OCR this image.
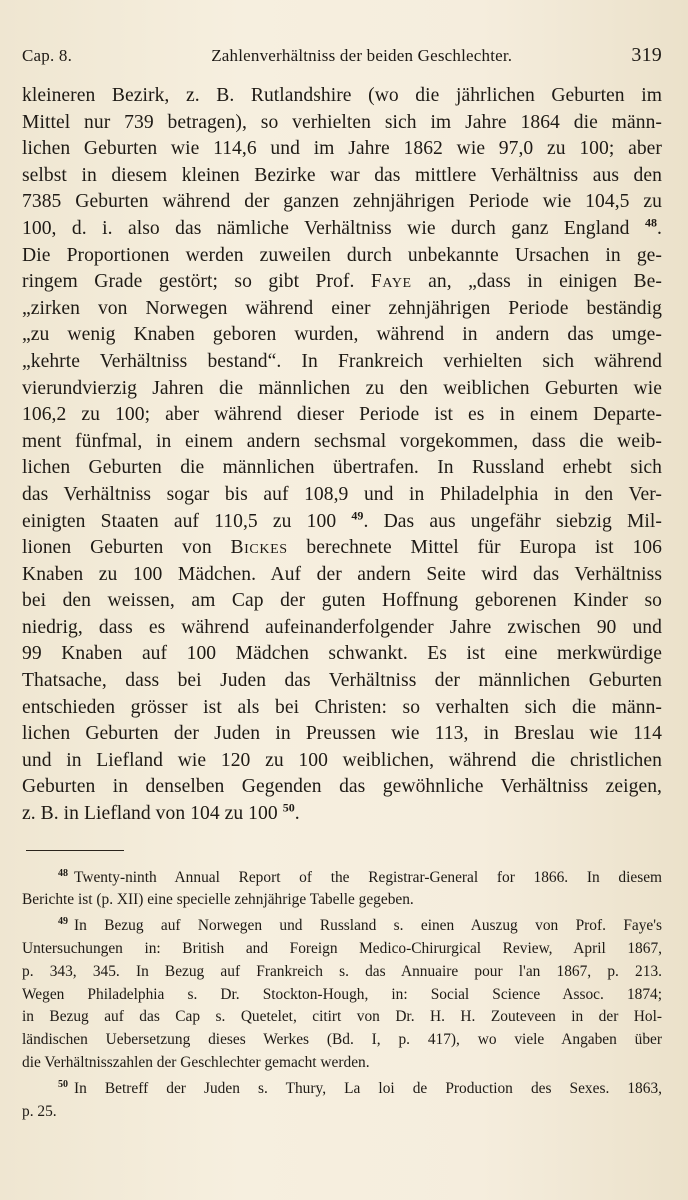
Cap. 8.	Zahlenverhältniss der beiden Geschlechter.	319
kleineren Bezirk, z. B. Rutlandshire (wo die jährlichen Geburten im
Mittel nur 739 betragen), so verhielten sich im Jahre 1864 die männ-
lichen Geburten wie 114,6 und im Jahre 1862 wie 97,0 zu 100; aber
selbst in diesem kleinen Bezirke war das mittlere Verhältniss aus den
7385 Geburten während der ganzen zehnjährigen Periode wie 104,5 zu
100, d. i. also das nämliche Verhältniss wie durch ganz England $^{48}$.
Die Proportionen werden zuweilen durch unbekannte Ursachen in ge-
ringem Grade gestört; so gibt Prof. Faye an, „dass in einigen Be-
„zirken von Norwegen während einer zehnjährigen Periode beständig
„zu wenig Knaben geboren wurden, während in andern das umge-
„kehrte Verhältniss bestand“. In Frankreich verhielten sich während
vierundvierzig Jahren die männlichen zu den weiblichen Geburten wie
106,2 zu 100; aber während dieser Periode ist es in einem Departe-
ment fünfmal, in einem andern sechsmal vorgekommen, dass die weib-
lichen Geburten die männlichen übertrafen. In Russland erhebt sich
das Verhältniss sogar bis auf 108,9 und in Philadelphia in den Ver-
einigten Staaten auf 110,5 zu 100 $^{49}$. Das aus ungefähr siebzig Mil-
lionen Geburten von Bickes berechnete Mittel für Europa ist 106
Knaben zu 100 Mädchen. Auf der andern Seite wird das Verhältniss
bei den weissen, am Cap der guten Hoffnung geborenen Kinder so
niedrig, dass es während aufeinanderfolgender Jahre zwischen 90 und
99 Knaben auf 100 Mädchen schwankt. Es ist eine merkwürdige
Thatsache, dass bei Juden das Verhältniss der männlichen Geburten
entschieden grösser ist als bei Christen: so verhalten sich die männ-
lichen Geburten der Juden in Preussen wie 113, in Breslau wie 114
und in Liefland wie 120 zu 100 weiblichen, während die christlichen
Geburten in denselben Gegenden das gewöhnliche Verhältniss zeigen,
z. B. in Liefland von 104 zu 100 $^{50}$.
$^{48}$ Twenty-ninth Annual Report of the Registrar-General for 1866. In diesem
Berichte ist (p. XII) eine specielle zehnjährige Tabelle gegeben.
$^{49}$ In Bezug auf Norwegen und Russland s. einen Auszug von Prof. Faye's
Untersuchungen in: British and Foreign Medico-Chirurgical Review, April 1867,
p. 343, 345. In Bezug auf Frankreich s. das Annuaire pour l'an 1867, p. 213.
Wegen Philadelphia s. Dr. Stockton-Hough, in: Social Science Assoc. 1874;
in Bezug auf das Cap s. Quetelet, citirt von Dr. H. H. Zouteveen in der Hol-
ländischen Uebersetzung dieses Werkes (Bd. I, p. 417), wo viele Angaben über
die Verhältnisszahlen der Geschlechter gemacht werden.
$^{50}$ In Betreff der Juden s. Thury, La loi de Production des Sexes. 1863,
p. 25.
